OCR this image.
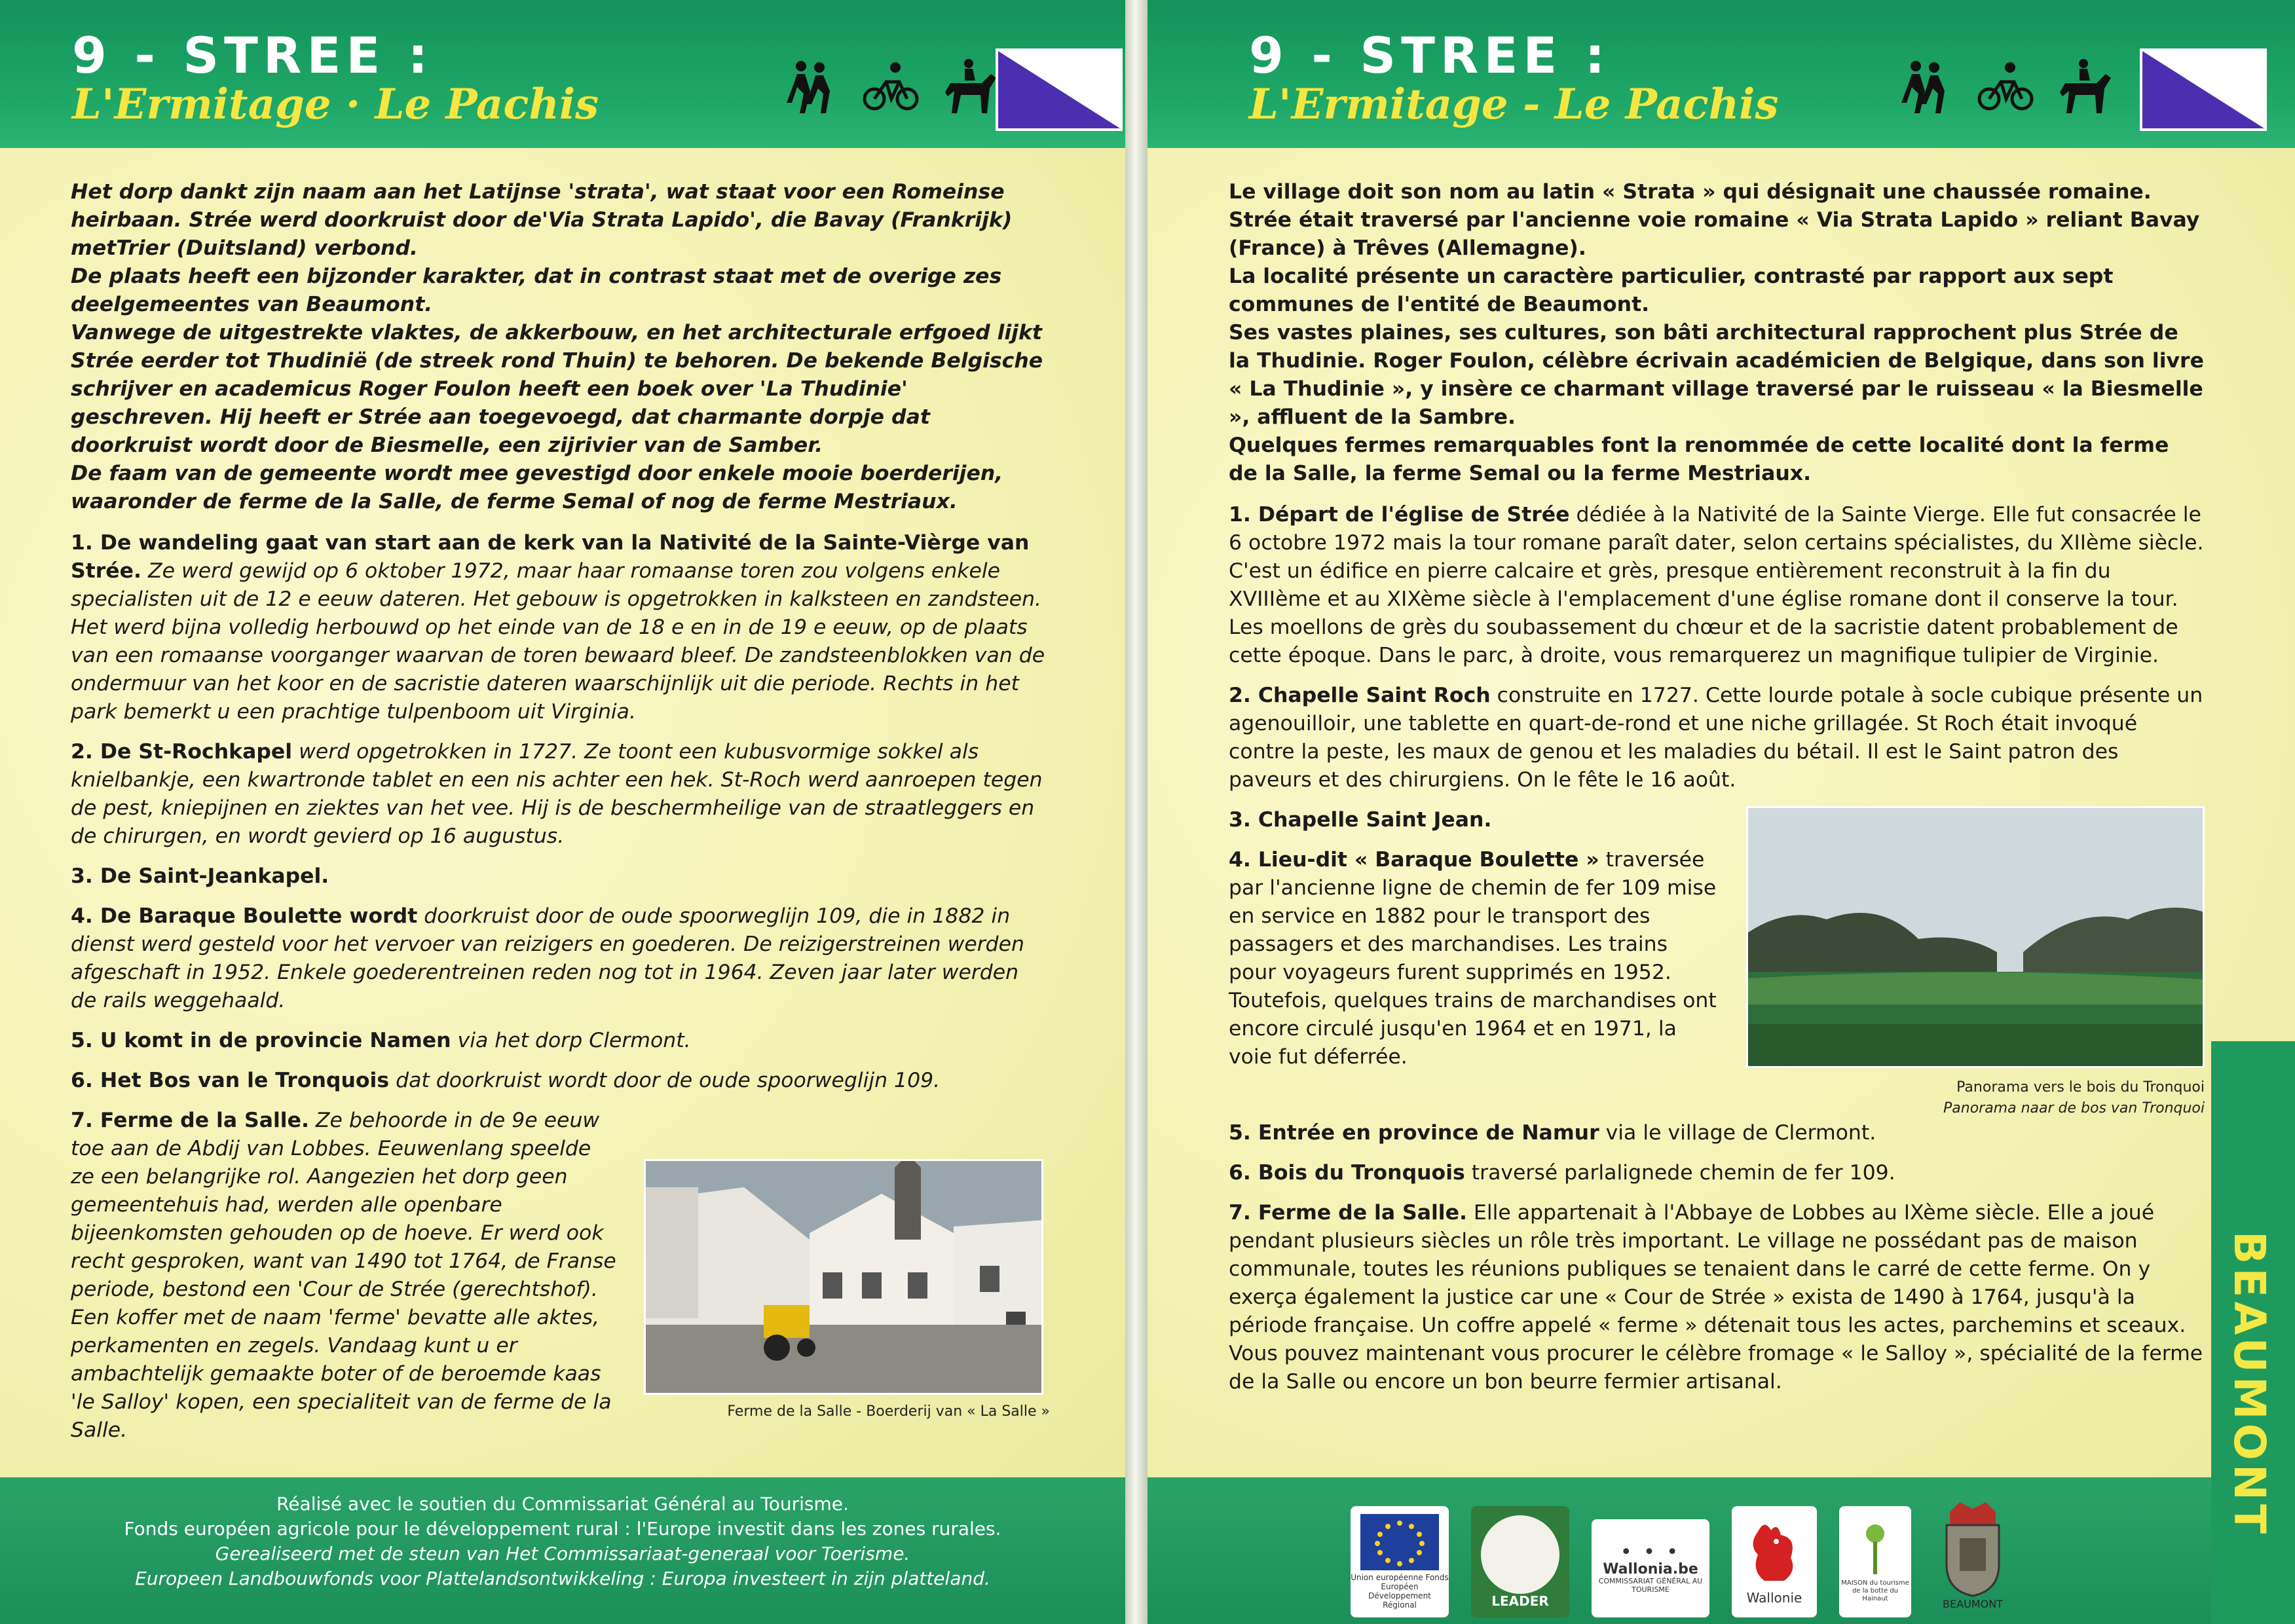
9 - STREE :
L'Ermitage · Le Pachis

Het dorp dankt zijn naam aan het Latijnse 'strata', wat staat voor een Romeinse heirbaan. Strée werd doorkruist door de'Via Strata Lapido', die Bavay (Frankrijk) metTrier (Duitsland) verbond.

De plaats heeft een bijzonder karakter, dat in contrast staat met de overige zes deelgemeentes van Beaumont.

Vanwege de uitgestrekte vlaktes, de akkerbouw, en het architecturale erfgoed lijkt Strée eerder tot Thudinië (de streek rond Thuin) te behoren. De bekende Belgische schrijver en academicus Roger Foulon heeft een boek over 'La Thudinie' geschreven. Hij heeft er Strée aan toegevoegd, dat charmante dorpje dat doorkruist wordt door de Biesmelle, een zijrivier van de Samber.

De faam van de gemeente wordt mee gevestigd door enkele mooie boerderijen, waaronder de ferme de la Salle, de ferme Semal of nog de ferme Mestriaux.

1. De wandeling gaat van start aan de kerk van la Nativité de la Sainte-Vièrge van Strée. Ze werd gewijd op 6 oktober 1972, maar haar romaanse toren zou volgens enkele specialisten uit de 12 e eeuw dateren. Het gebouw is opgetrokken in kalksteen en zandsteen. Het werd bijna volledig herbouwd op het einde van de 18 e en in de 19 e eeuw, op de plaats van een romaanse voorganger waarvan de toren bewaard bleef. De zandsteenblokken van de ondermuur van het koor en de sacristie dateren waarschijnlijk uit die periode. Rechts in het park bemerkt u een prachtige tulpenboom uit Virginia.
2. De St-Rochkapel werd opgetrokken in 1727. Ze toont een kubusvormige sokkel als knielbankje, een kwartronde tablet en een nis achter een hek. St-Roch werd aanroepen tegen de pest, kniepijnen en ziektes van het vee. Hij is de beschermheilige van de straatleggers en de chirurgen, en wordt gevierd op 16 augustus.
3. De Saint-Jeankapel.
4. De Baraque Boulette wordt doorkruist door de oude spoorweglijn 109, die in 1882 in dienst werd gesteld voor het vervoer van reizigers en goederen. De reizigerstreinen werden afgeschaft in 1952. Enkele goederentreinen reden nog tot in 1964. Zeven jaar later werden de rails weggehaald.
5. U komt in de provincie Namen via het dorp Clermont.
6. Het Bos van le Tronquois dat doorkruist wordt door de oude spoorweglijn 109.
Ferme de la Salle - Boerderij van « La Salle »
7. Ferme de la Salle. Ze behoorde in de 9e eeuw toe aan de Abdij van Lobbes. Eeuwenlang speelde ze een belangrijke rol. Aangezien het dorp geen gemeentehuis had, werden alle openbare bijeenkomsten gehouden op de hoeve. Er werd ook recht gesproken, want van 1490 tot 1764, de Franse periode, bestond een 'Cour de Strée (gerechtshof). Een koffer met de naam 'ferme' bevatte alle aktes, perkamenten en zegels. Vandaag kunt u er ambachtelijk gemaakte boter of de beroemde kaas 'le Salloy' kopen, een specialiteit van de ferme de la Salle.
Réalisé avec le soutien du Commissariat Général au Tourisme.
Fonds européen agricole pour le développement rural : l'Europe investit dans les zones rurales.
Gerealiseerd met de steun van Het Commissariaat-generaal voor Toerisme.
Europeen Landbouwfonds voor Plattelandsontwikkeling : Europa investeert in zijn platteland.
9 - STREE :
L'Ermitage - Le Pachis

Le village doit son nom au latin « Strata » qui désignait une chaussée romaine. Strée était traversé par l'ancienne voie romaine « Via Strata Lapido » reliant Bavay (France) à Trêves (Allemagne).

La localité présente un caractère particulier, contrasté par rapport aux sept communes de l'entité de Beaumont.

Ses vastes plaines, ses cultures, son bâti architectural rapprochent plus Strée de la Thudinie. Roger Foulon, célèbre écrivain académicien de Belgique, dans son livre « La Thudinie », y insère ce charmant village traversé par le ruisseau « la Biesmelle », affluent de la Sambre.

Quelques fermes remarquables font la renommée de cette localité dont la ferme de la Salle, la ferme Semal ou la ferme Mestriaux.

1. Départ de l'église de Strée dédiée à la Nativité de la Sainte Vierge. Elle fut consacrée le 6 octobre 1972 mais la tour romane paraît dater, selon certains spécialistes, du XIIème siècle. C'est un édifice en pierre calcaire et grès, presque entièrement reconstruit à la fin du XVIIIème et au XIXème siècle à l'emplacement d'une église romane dont il conserve la tour. Les moellons de grès du soubassement du chœur et de la sacristie datent probablement de cette époque. Dans le parc, à droite, vous remarquerez un magnifique tulipier de Virginie.
2. Chapelle Saint Roch construite en 1727. Cette lourde potale à socle cubique présente un agenouilloir, une tablette en quart-de-rond et une niche grillagée. St Roch était invoqué contre la peste, les maux de genou et les maladies du bétail. Il est le Saint patron des paveurs et des chirurgiens. On le fête le 16 août.
Panorama vers le bois du Tronquoi
Panorama naar de bos van Tronquoi
3. Chapelle Saint Jean.
4. Lieu-dit « Baraque Boulette » traversée par l'ancienne ligne de chemin de fer 109 mise en service en 1882 pour le transport des passagers et des marchandises. Les trains pour voyageurs furent supprimés en 1952. Toutefois, quelques trains de marchandises ont encore circulé jusqu'en 1964 et en 1971, la voie fut déferrée.
5. Entrée en province de Namur via le village de Clermont.
6. Bois du Tronquois traversé parlalignede chemin de fer 109.
7. Ferme de la Salle. Elle appartenait à l'Abbaye de Lobbes au IXème siècle. Elle a joué pendant plusieurs siècles un rôle très important. Le village ne possédant pas de maison communale, toutes les réunions publiques se tenaient dans le carré de cette ferme. On y exerça également la justice car une « Cour de Strée » exista de 1490 à 1764, jusqu'à la période française. Un coffre appelé « ferme » détenait tous les actes, parchemins et sceaux. Vous pouvez maintenant vous procurer le célèbre fromage « le Salloy », spécialité de la ferme de la Salle ou encore un bon beurre fermier artisanal.
Union européenne Fonds Européen Développement Régional	LEADER
• • •
Wallonia.be
COMMISSARIAT GÉNÉRAL AU TOURISME
Wallonie
MAISON du tourisme de la botte du Hainaut	BEAUMONT
BEAUMONT
